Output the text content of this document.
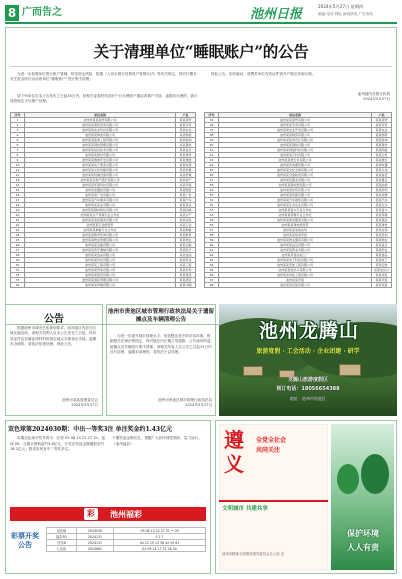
8 广而告之	池州日报
2024年5月27日 星期四
邮编 电话 网址 新闻热线 广告热线
关于清理单位“睡眠账户”的公告
为进一步加强单位银行账户管理，防范资金风险，根据《人民币银行结算账户管理办法》等有关规定，现对长期未发生资金收付活动的单位“睡眠账户”进行集中清理。
请下列单位自本公告发布之日起30日内，持相关证明材料到开户行办理账户激活或销户手续，逾期未办理的，我行将按规定予以销户处理。
特此公告。如有疑问，请携带单位有效证件到开户网点咨询办理。
池州辖内各银行机构
2024年5月27日
序号	单位名称	户名
1	池州市某某商贸有限公司	某某商贸
2	池州某某建筑劳务有限公司	某某劳务
3	池州某某农业科技有限公司	某某农业
4	池州某某物流有限公司	某某物流
5	池州某某装饰工程有限公司	某某装饰
6	池州某某餐饮管理有限公司	某某餐饮
7	池州某某信息技术有限公司	某某信息
8	池州某某建材有限公司	某某建材
9	池州某某旅游开发有限公司	某某旅游
10	池州某某电子商务有限公司	某某电商
11	池州某某文化传媒有限公司	某某传媒
12	池州某某机械设备有限公司	某某机械
13	池州某某房地产经纪有限公司	某某地产
14	池州某某环保科技有限公司	某某环保
15	池州某某服装有限公司	某某服装
16	池州某某广告有限公司	某某广告
17	池州某某汽车服务有限公司	某某汽车
18	池州某某茶业有限公司	某某茶业
19	池州某某园林绿化有限公司	某某园林
20	池州某某水产养殖专业合作社	某某水产
21	池州某某家政服务有限公司	某某家政
22	池州某某五金经营部	某某五金
23	池州某某种植专业合作社	某某种植
24	池州某某教育咨询有限公司	某某教育
25	池州某某物业管理有限公司	某某物业
26	池州某某运输有限公司	某某运输
27	池州某某医疗器械有限公司	某某医疗
28	池州某某食品有限公司	某某食品
29	池州某某科技有限公司	某某科技
30	池州某某工程有限公司	某某工程
31	池州某某贸易有限公司	某某贸易
32	池州某某建设有限公司	某某建设
33	池州某某酒店管理有限公司	某某酒店
34	池州某某印刷有限公司	某某印刷
序号	单位名称	户名
35	池州某某商贸有限公司	某某商贸
36	池州某某劳务有限公司	某某劳务
37	池州某某农业开发有限公司	某某农业
38	池州某某物资有限公司	某某物资
39	池州某某装饰设计有限公司	某某装饰
40	池州某某餐饮有限公司	某某餐饮
41	池州某某网络科技有限公司	某某网络
42	池州某某石材有限公司	某某石材
43	池州某某旅行社有限公司	某某旅行
44	池州某某电器有限公司	某某电器
45	池州某某文化发展有限公司	某某文化
46	池州某某设备租赁有限公司	某某租赁
47	池州某某置业有限公司	某某置业
48	池州某某新能源有限公司	某某能源
49	池州某某纺织有限公司	某某纺织
50	池州某某传媒有限公司	某某传媒
51	池州某某汽车销售有限公司	某某汽车
52	池州某某生态农业有限公司	某某生态
53	池州某某苗木专业合作社	某某苗木
54	池州某某养殖专业合作社	某某养殖
55	池州某某保洁服务有限公司	某某保洁
56	池州某某建材经营部	某某建材
57	池州某某家庭农场	某某农场
58	池州某某培训学校	某某培训
59	池州某某物业服务有限公司	某某物业
60	池州某某货运有限公司	某某货运
61	池州某某药业有限公司	某某药业
62	池州某某食品加工厂	某某食品
63	池州某某电子科技有限公司	某某电子
64	池州某某安装工程有限公司	某某安装
65	池州某某进出口有限公司	某某进出口
66	池州某某市政工程有限公司	某某市政
67	池州某某宾馆	某某宾馆
68	池州某某包装有限公司	某某包装
公告
根据池州市城市总体规划要求，现对辖区内部分区域实施征收。请相关权利人自本公告发布之日起，持有效证件及权属证明材料到指定地点办理登记手续。逾期未办理的，将依法依规处理。特此公告。
池州市某某管理委员会
2024年5月27日
池州市贵池区城市管理行政执法局关于遗留摊点及车辆清理公告
为进一步提升城市管理水平，营造整洁有序的市容环境，根据相关法律法规规定，现对辖区内长期占用道路、公共场所的遗留摊点及车辆进行集中清理。请相关所有人自公告之日起15日内自行清理，逾期未清理的，将依法予以处理。
池州市贵池区城市管理行政执法局
2024年5月27日
池州龙腾山
旅游度假 · 工会活动 · 企业团建 · 研学
龙腾山旅游度假区
预订电话：18056654388
地址：池州市贵池区
双色球第2024030期：中出一等奖3注 单注奖金约1.43亿元
本期双色球开奖号码为：红球 03 08 15 22 27 31，蓝球 09。当期全国销量约3.6亿元，计奖后奖池金额累积至约18.2亿元。我省彩民喜中二等奖多注。
下期奖池金额充足，提醒广大彩民理性购彩，量力而行。（池州福彩）
彩	池州福彩
彩票开奖公告
双色球	2024030	03 08 15 22 27 31 + 09
福彩3D	2024131	5 2 7
快乐8	2024131	04 11 19 23 36 42 55 61
七乐彩	2024061	02 09 14 17 21 26 30
遵义
全党全社会
共同关注
文明城市 共建共享
池州市精神文明建设指导委员会办公室 宣
保护环境
人人有责
